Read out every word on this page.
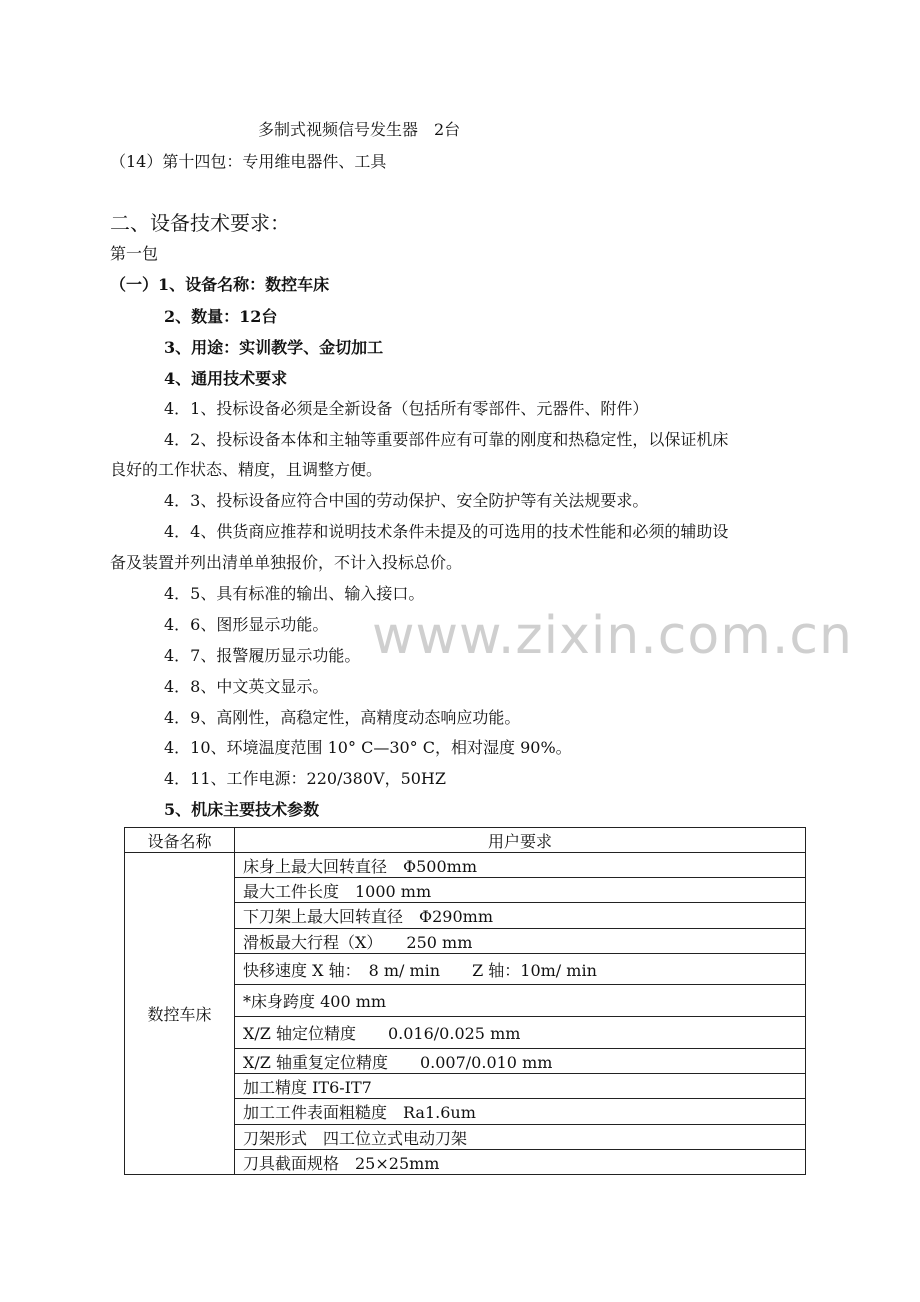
多制式视频信号发生器　2台
（14）第十四包：专用维电器件、工具
二、设备技术要求：
第一包
（一）1、设备名称：数控车床
2、数量：12台
3、用途：实训教学、金切加工
4、通用技术要求
4．1、投标设备必须是全新设备（包括所有零部件、元器件、附件）
4．2、投标设备本体和主轴等重要部件应有可靠的刚度和热稳定性，以保证机床
良好的工作状态、精度，且调整方便。
4．3、投标设备应符合中国的劳动保护、安全防护等有关法规要求。
4．4、供货商应推荐和说明技术条件未提及的可选用的技术性能和必须的辅助设
备及装置并列出清单单独报价，不计入投标总价。
4．5、具有标准的输出、输入接口。
4．6、图形显示功能。
4．7、报警履历显示功能。
4．8、中文英文显示。
4．9、高刚性，高稳定性，高精度动态响应功能。
4．10、环境温度范围 10° C—30° C，相对湿度 90%。
4．11、工作电源：220/380V，50HZ
5、机床主要技术参数
设备名称	用户要求
数控车床	床身上最大回转直径　Φ500mm
	最大工件长度　1000 mm
	下刀架上最大回转直径　Φ290mm
	滑板最大行程（X）　　250 mm
	快移速度 X 轴：　8 m/ min　　Z 轴：10m/ min
	*床身跨度 400 mm
	X/Z 轴定位精度　　0.016/0.025 mm
	X/Z 轴重复定位精度　　0.007/0.010 mm
	加工精度 IT6-IT7
	加工工件表面粗糙度　Ra1.6um
	刀架形式　四工位立式电动刀架
	刀具截面规格　25×25mm
www.zixin.com.cn
